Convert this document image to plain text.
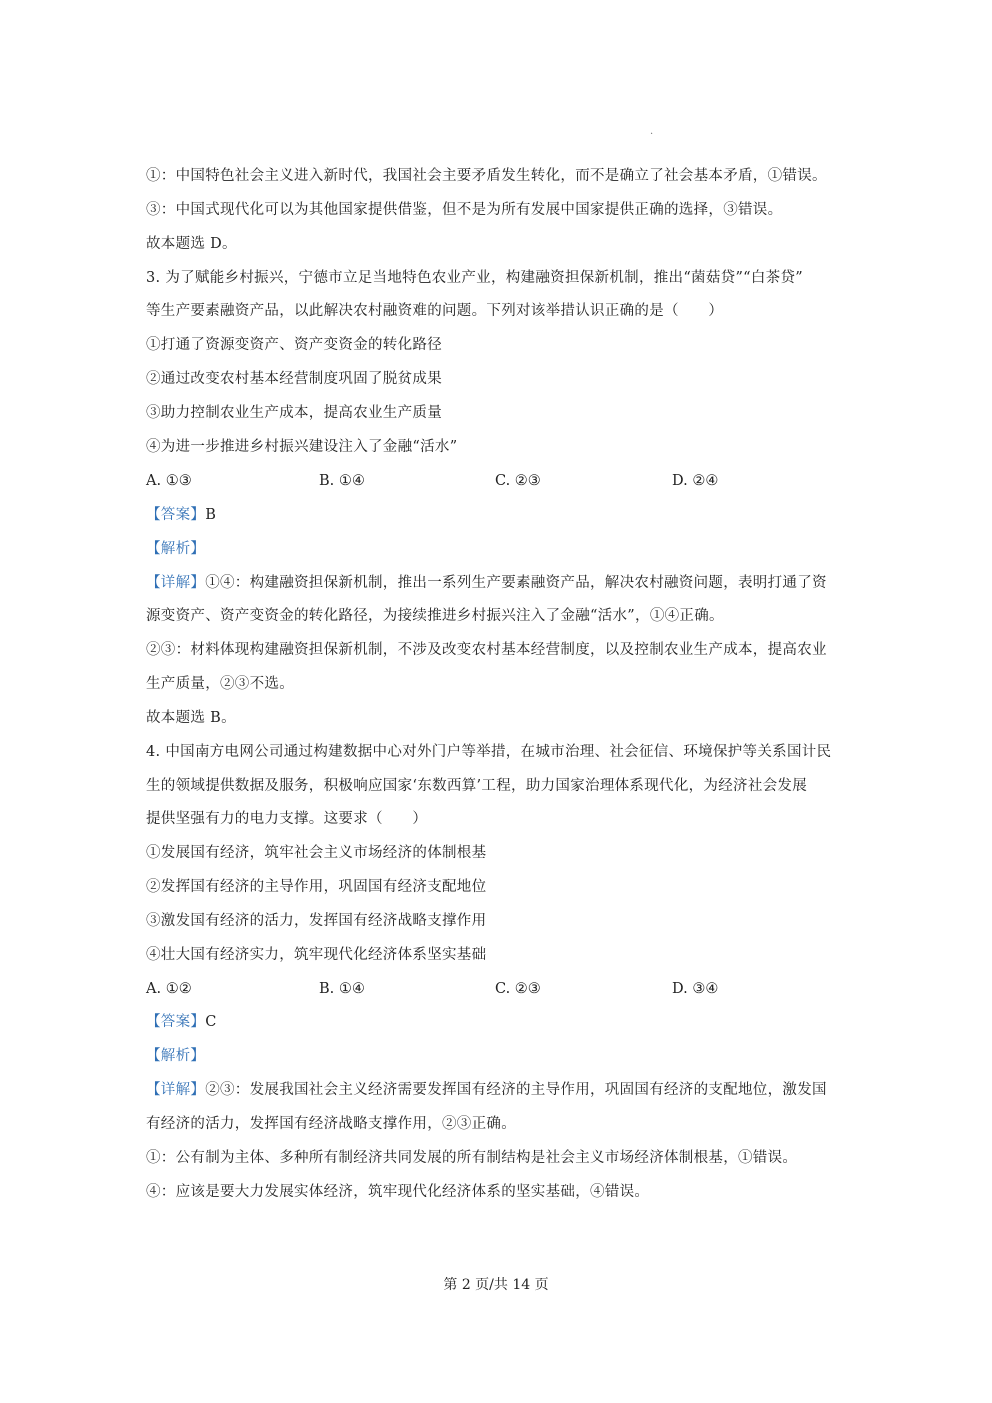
.
①：中国特色社会主义进入新时代，我国社会主要矛盾发生转化，而不是确立了社会基本矛盾，①错误。
③：中国式现代化可以为其他国家提供借鉴，但不是为所有发展中国家提供正确的选择，③错误。
故本题选 D。
3. 为了赋能乡村振兴，宁德市立足当地特色农业产业，构建融资担保新机制，推出“菌菇贷”“白茶贷”
等生产要素融资产品，以此解决农村融资难的问题。下列对该举措认识正确的是（　　）
①打通了资源变资产、资产变资金的转化路径
②通过改变农村基本经营制度巩固了脱贫成果
③助力控制农业生产成本，提高农业生产质量
④为进一步推进乡村振兴建设注入了金融“活水”
A. ①③	B. ①④	C. ②③	D. ②④
【答案】B
【解析】
【详解】①④：构建融资担保新机制，推出一系列生产要素融资产品，解决农村融资问题，表明打通了资
源变资产、资产变资金的转化路径，为接续推进乡村振兴注入了金融“活水”，①④正确。
②③：材料体现构建融资担保新机制，不涉及改变农村基本经营制度，以及控制农业生产成本，提高农业
生产质量，②③不选。
故本题选 B。
4. 中国南方电网公司通过构建数据中心对外门户等举措，在城市治理、社会征信、环境保护等关系国计民
生的领域提供数据及服务，积极响应国家‘东数西算’工程，助力国家治理体系现代化，为经济社会发展
提供坚强有力的电力支撑。这要求（　　）
①发展国有经济，筑牢社会主义市场经济的体制根基
②发挥国有经济的主导作用，巩固国有经济支配地位
③激发国有经济的活力，发挥国有经济战略支撑作用
④壮大国有经济实力，筑牢现代化经济体系坚实基础
A. ①②	B. ①④	C. ②③	D. ③④
【答案】C
【解析】
【详解】②③：发展我国社会主义经济需要发挥国有经济的主导作用，巩固国有经济的支配地位，激发国
有经济的活力，发挥国有经济战略支撑作用，②③正确。
①：公有制为主体、多种所有制经济共同发展的所有制结构是社会主义市场经济体制根基，①错误。
④：应该是要大力发展实体经济，筑牢现代化经济体系的坚实基础，④错误。
第 2 页/共 14 页
